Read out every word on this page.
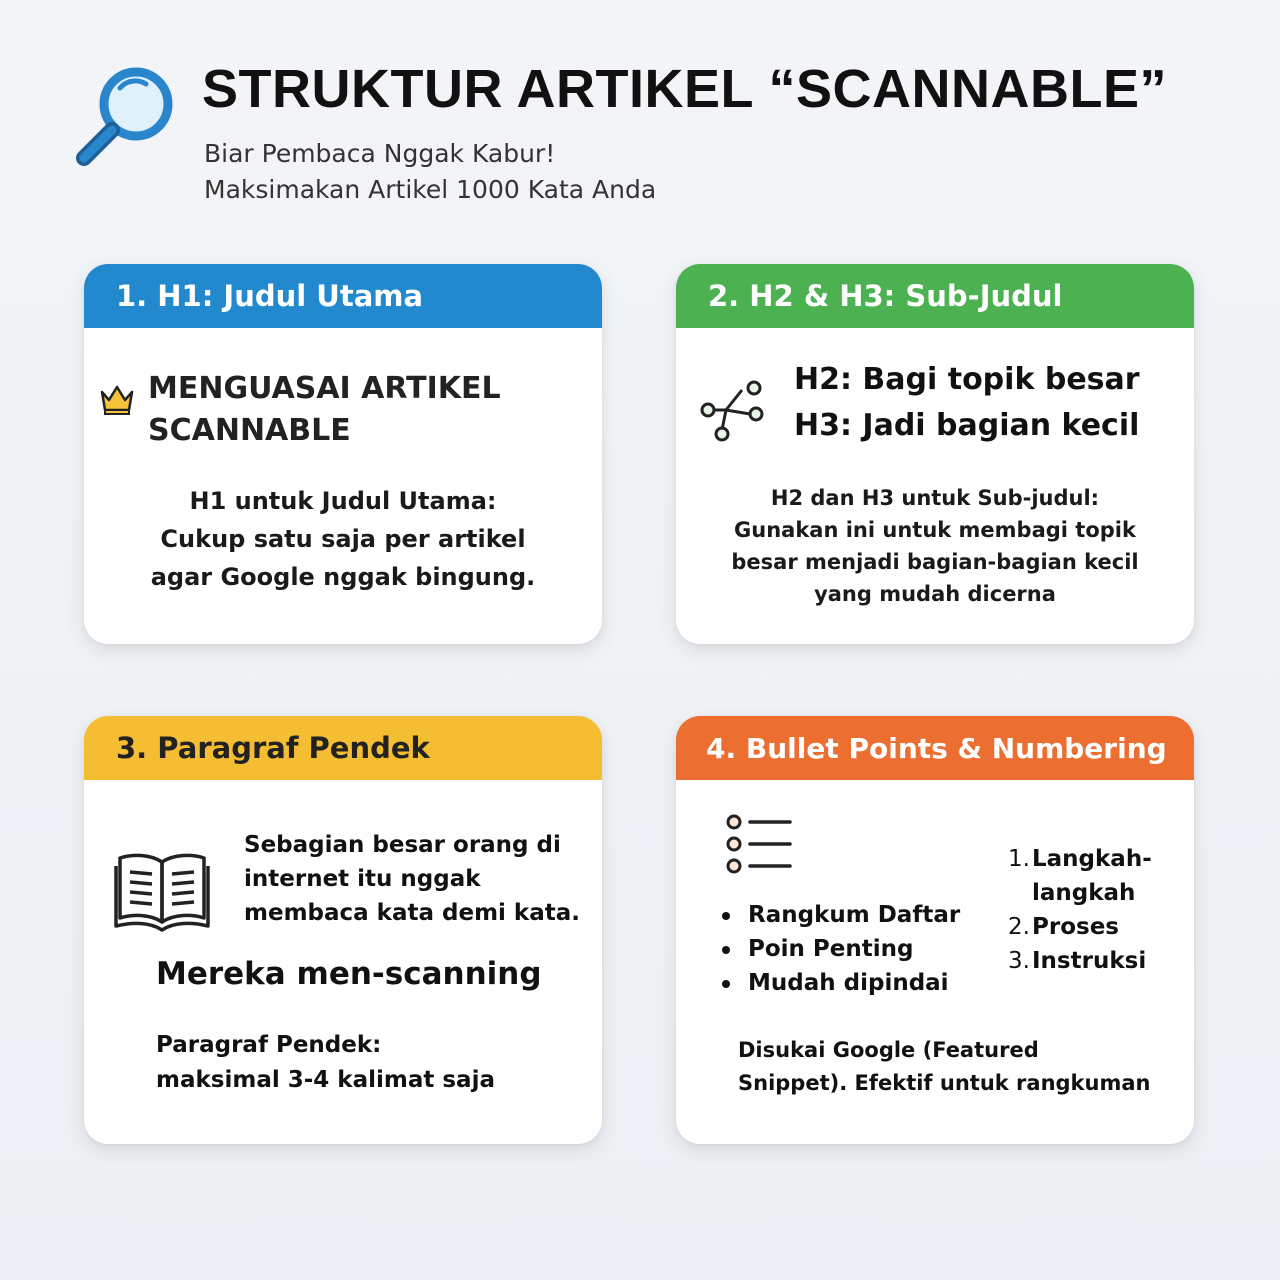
STRUKTUR ARTIKEL “SCANNABLE”
Biar Pembaca Nggak Kabur!
Maksimakan Artikel 1000 Kata Anda
1. H1: Judul Utama
MENGUASAI ARTIKEL
SCANNABLE
H1 untuk Judul Utama:
Cukup satu saja per artikel
agar Google nggak bingung.
2. H2 & H3: Sub-Judul
H2: Bagi topik besar
H3: Jadi bagian kecil
H2 dan H3 untuk Sub-judul:
Gunakan ini untuk membagi topik
besar menjadi bagian-bagian kecil
yang mudah dicerna
3. Paragraf Pendek
Sebagian besar orang di
internet itu nggak
membaca kata demi kata.
Mereka men-scanning
Paragraf Pendek:
maksimal 3-4 kalimat saja
4. Bullet Points & Numbering
Rangkum Daftar
Poin Penting
Mudah dipindai
1. Langkah-
langkah
2. Proses
3. Instruksi
Disukai Google (Featured
Snippet). Efektif untuk rangkuman
